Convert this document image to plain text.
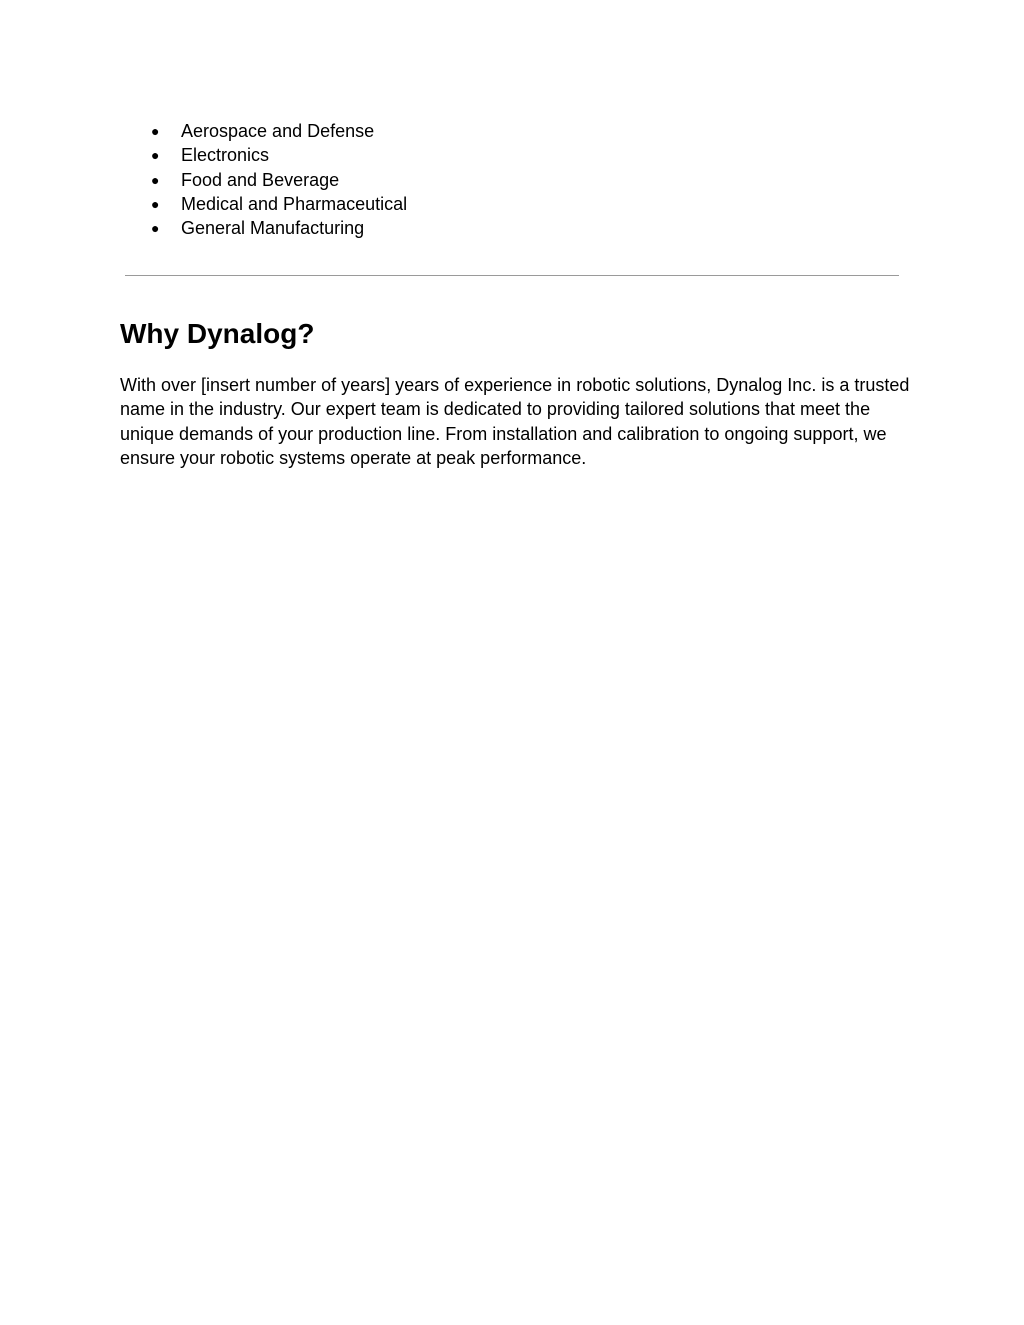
● Aerospace and Defense
● Electronics
● Food and Beverage
● Medical and Pharmaceutical
● General Manufacturing
Why Dynalog?

With over [insert number of years] years of experience in robotic solutions, Dynalog Inc. is a trusted name in the industry. Our expert team is dedicated to providing tailored solutions that meet the unique demands of your production line. From installation and calibration to ongoing support, we ensure your robotic systems operate at peak performance.
